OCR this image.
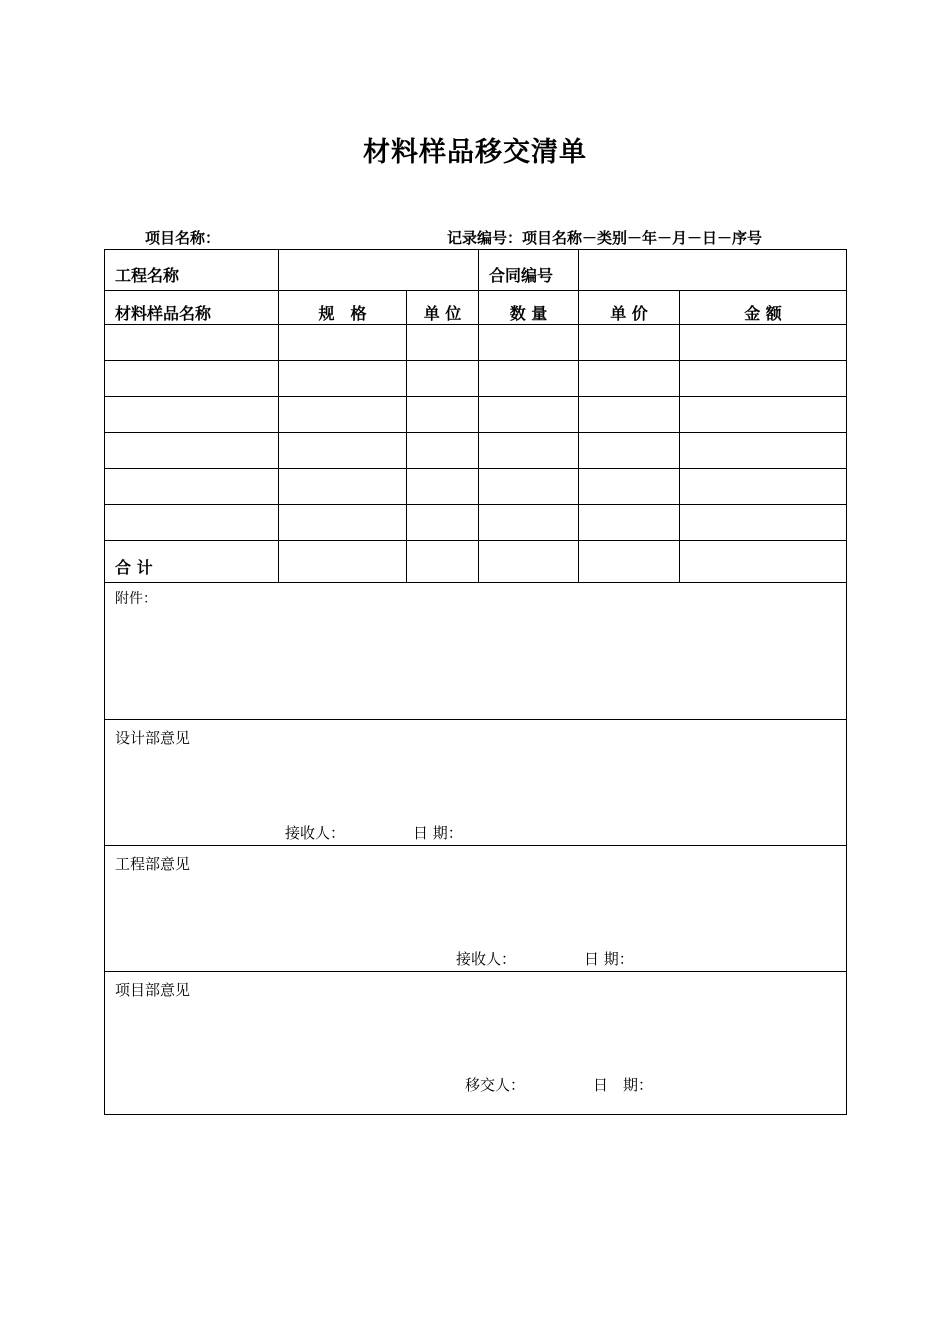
材料样品移交清单
项目名称：	记录编号：项目名称－类别－年－月－日－序号
工程名称			合同编号		
材料样品名称	规　格	单 位	数 量	单 价	金 额

合 计					

附件：					

设计部意见
接收人： 日 期：					

工程部意见
接收人： 日 期：					

项目部意见
移交人： 日　期：					
